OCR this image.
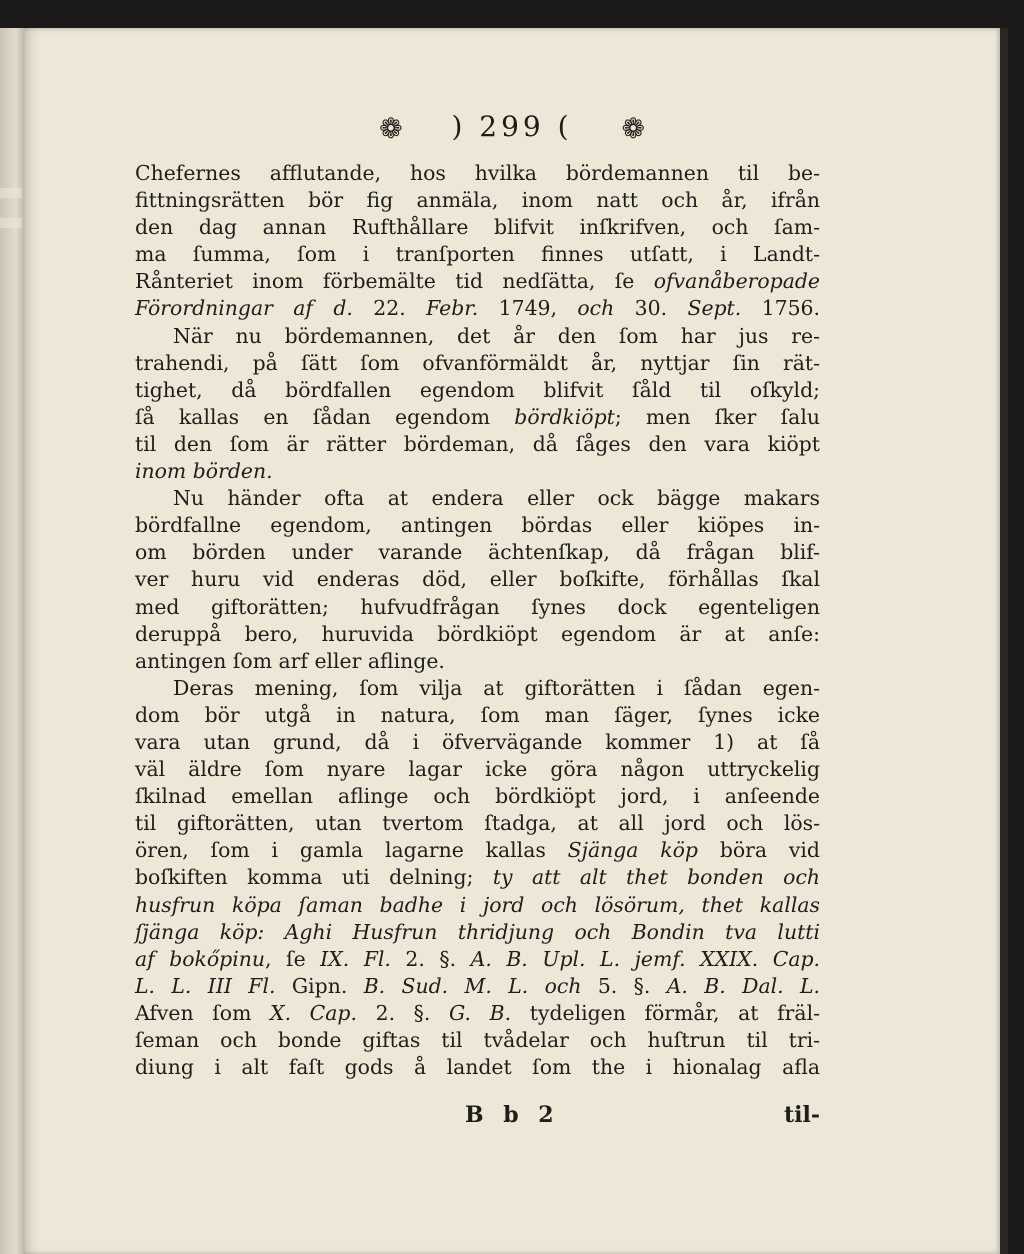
❁ ) 299 ( ❁
Chefernes afflutande, hos hvilka bördemannen til be-
fittningsrätten bör fig anmäla, inom natt och år, ifrån
den dag annan Rufthållare blifvit inſkrifven, och ſam-
ma ſumma, ſom i tranſporten finnes utſatt, i Landt-
Rånteriet inom förbemälte tid nedſätta, ſe ofvanåberopade
Förordningar af d. 22. Febr. 1749, och 30. Sept. 1756.
När nu bördemannen, det år den ſom har jus re-
trahendi, på ſätt ſom ofvanförmäldt år, nyttjar ſin rät-
tighet, då bördfallen egendom blifvit ſåld til oſkyld;
ſå kallas en ſådan egendom bördkiöpt; men ſker ſalu
til den ſom är rätter bördeman, då ſåges den vara kiöpt
inom börden.
Nu händer ofta at endera eller ock bägge makars
bördfallne egendom, antingen bördas eller kiöpes in-
om börden under varande ächtenſkap, då frågan blif-
ver huru vid enderas död, eller boſkifte, förhållas ſkal
med giftorätten; hufvudfrågan ſynes dock egenteligen
deruppå bero, huruvida bördkiöpt egendom är at anſe:
antingen ſom arf eller aflinge.
Deras mening, ſom vilja at giftorätten i ſådan egen-
dom bör utgå in natura, ſom man ſäger, ſynes icke
vara utan grund, då i öfvervägande kommer 1) at ſå
väl äldre ſom nyare lagar icke göra någon uttryckelig
ſkilnad emellan aflinge och bördkiöpt jord, i anſeende
til giftorätten, utan tvertom ſtadga, at all jord och lös-
ören, ſom i gamla lagarne kallas Sjänga köp böra vid
boſkiften komma uti delning; ty att alt thet bonden och
husfrun köpa ſaman badhe i jord och lösörum, thet kallas
ſjänga köp: Aghi Husfrun thridjung och Bondin tva lutti
af bokőpinu, ſe IX. Fl. 2. §. A. B. Upl. L. jemf. XXIX. Cap.
L. L. III Fl. Gipn. B. Sud. M. L. och 5. §. A. B. Dal. L.
Afven ſom X. Cap. 2. §. G. B. tydeligen förmår, at fräl-
ſeman och bonde giftas til tvådelar och huſtrun til tri-
diung i alt faſt gods å landet ſom the i hionalag afla
B b 2	til-
